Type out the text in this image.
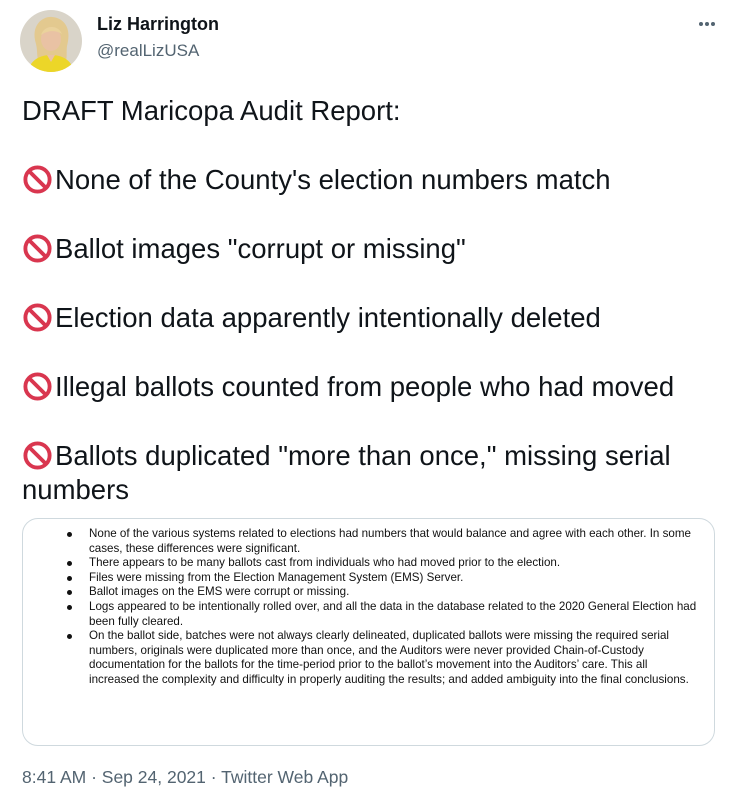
Liz Harrington
@realLizUSA

DRAFT Maricopa Audit Report:

None of the County's election numbers match

Ballot images "corrupt or missing"

Election data apparently intentionally deleted

Illegal ballots counted from people who had moved

Ballots duplicated "more than once," missing serial numbers

None of the various systems related to elections had numbers that would balance and agree with each other. In some cases, these differences were significant.
There appears to be many ballots cast from individuals who had moved prior to the election.
Files were missing from the Election Management System (EMS) Server.
Ballot images on the EMS were corrupt or missing.
Logs appeared to be intentionally rolled over, and all the data in the database related to the 2020 General Election had been fully cleared.
On the ballot side, batches were not always clearly delineated, duplicated ballots were missing the required serial numbers, originals were duplicated more than once, and the Auditors were never provided Chain-of-Custody documentation for the ballots for the time-period prior to the ballot’s movement into the Auditors’ care. This all increased the complexity and difficulty in properly auditing the results; and added ambiguity into the final conclusions.
8:41 AM · Sep 24, 2021 · Twitter Web App
